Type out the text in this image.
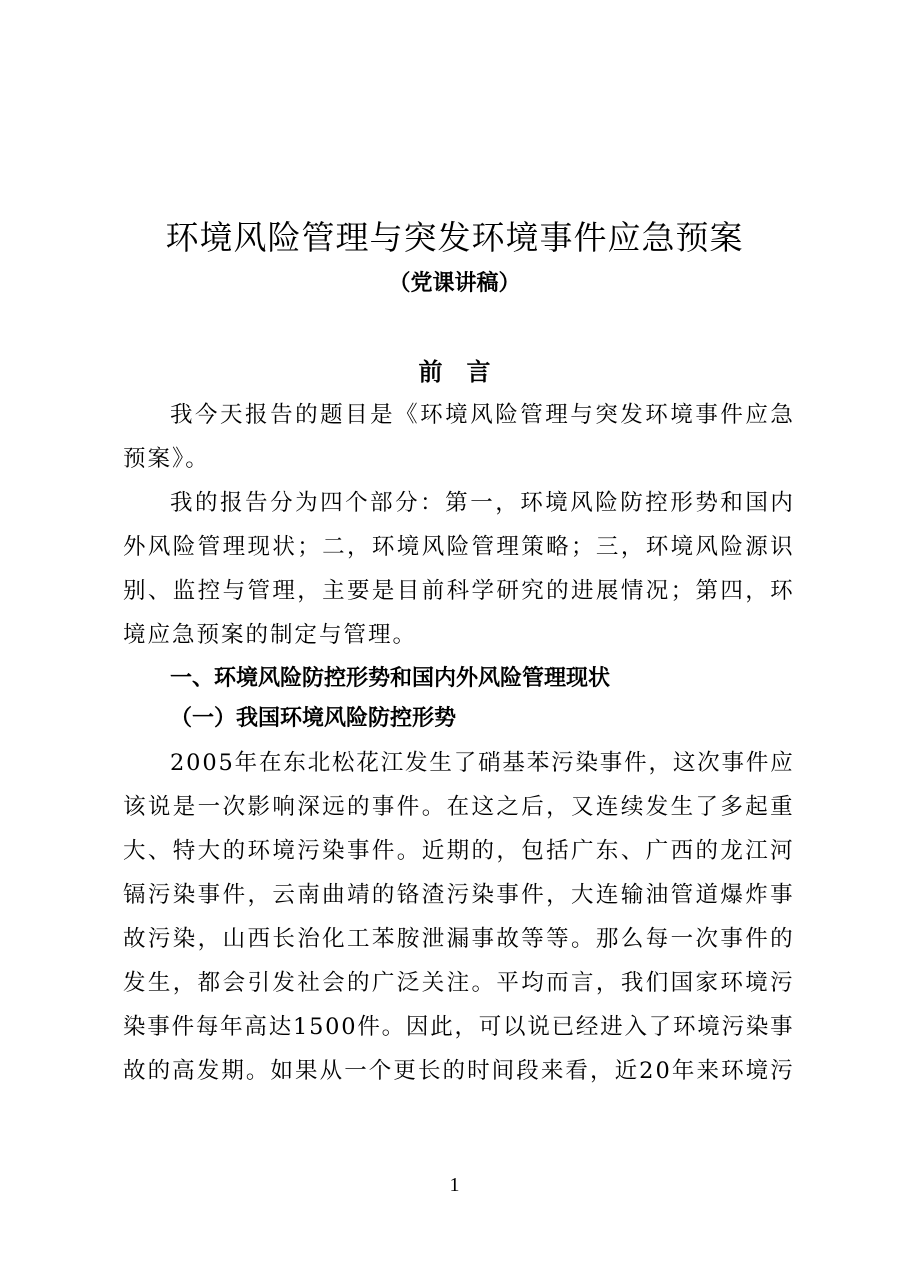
环境风险管理与突发环境事件应急预案
（党课讲稿）
前　言
我 今 天 报 告 的 题 目 是 《 环 境 风 险 管 理 与 突 发 环 境 事 件 应 急
预案》。
我 的 报 告 分 为 四 个 部 分 ： 第 一 ， 环 境 风 险 防 控 形 势 和 国 内
外 风 险 管 理 现 状 ； 二 ， 环 境 风 险 管 理 策 略 ； 三 ， 环 境 风 险 源 识
别 、 监 控 与 管 理 ， 主 要 是 目 前 科 学 研 究 的 进 展 情 况 ； 第 四 ， 环
境应急预案的制定与管理。
一、环境风险防控形势和国内外风险管理现状
（一）我国环境风险防控形势
2 0 0 5 年 在 东 北 松 花 江 发 生 了 硝 基 苯 污 染 事 件 ， 这 次 事 件 应
该 说 是 一 次 影 响 深 远 的 事 件 。 在 这 之 后 ， 又 连 续 发 生 了 多 起 重
大 、 特 大 的 环 境 污 染 事 件 。 近 期 的 ， 包 括 广 东 、 广 西 的 龙 江 河
镉 污 染 事 件 ， 云 南 曲 靖 的 铬 渣 污 染 事 件 ， 大 连 输 油 管 道 爆 炸 事
故 污 染 ， 山 西 长 治 化 工 苯 胺 泄 漏 事 故 等 等 。 那 么 每 一 次 事 件 的
发 生 ， 都 会 引 发 社 会 的 广 泛 关 注 。 平 均 而 言 ， 我 们 国 家 环 境 污
染 事 件 每 年 高 达 1 5 0 0 件 。 因 此 ， 可 以 说 已 经 进 入 了 环 境 污 染 事
故 的 高 发 期 。 如 果 从 一 个 更 长 的 时 间 段 来 看 ， 近 2 0 年 来 环 境 污
1
